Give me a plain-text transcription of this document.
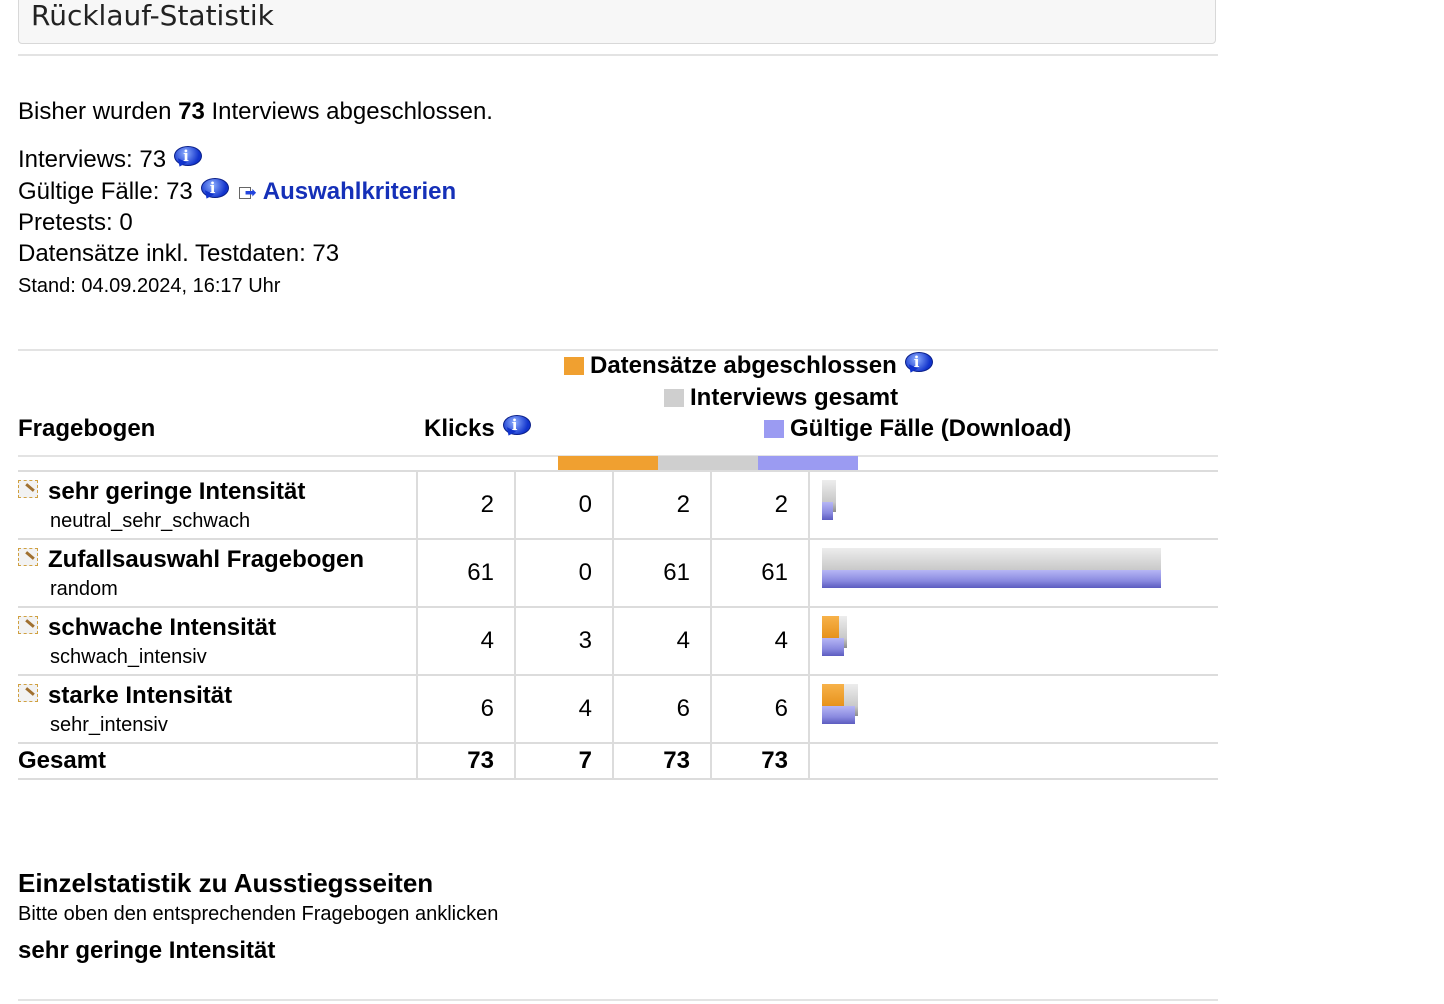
Rücklauf-Statistik
Bisher wurden 73 Interviews abgeschlossen.
Interviews: 73 i
Gültige Fälle: 73 i ➡ Auswahlkriterien
Pretests: 0
Datensätze inkl. Testdaten: 73
Stand: 04.09.2024, 16:17 Uhr
Datensätze abgeschlossen i
Interviews gesamt
Gültige Fälle (Download)
Fragebogen	Klicks i
sehr geringe Intensität
neutral_sehr_schwach	2	0	2	2	

Zufallsauswahl Fragebogen
random	61	0	61	61	

schwache Intensität
schwach_intensiv	4	3	4	4	

starke Intensität
sehr_intensiv	6	4	6	6	

Gesamt	73	7	73	73	
Einzelstatistik zu Ausstiegsseiten
Bitte oben den entsprechenden Fragebogen anklicken
sehr geringe Intensität
